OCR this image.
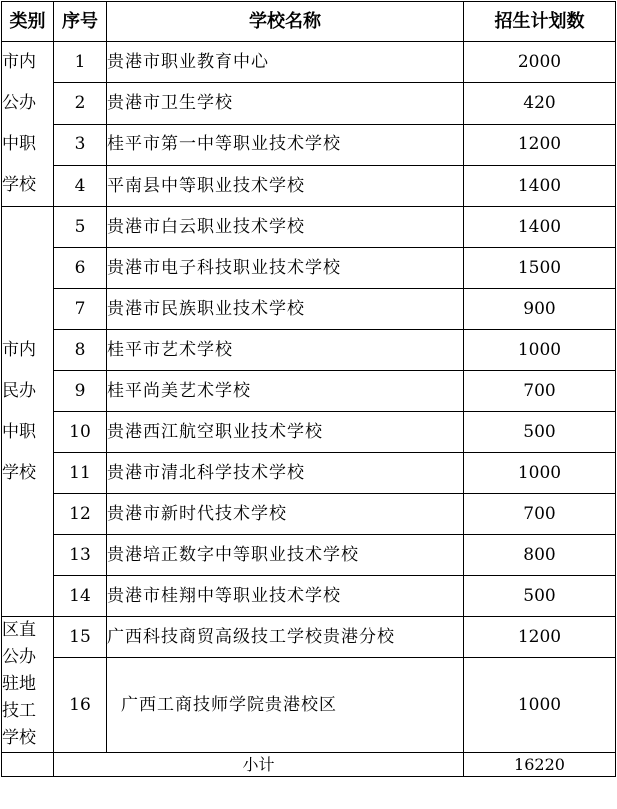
类别	序号	学校名称	招生计划数

市内
公办
中职
学校	1	贵港市职业教育中心	2000
	2	贵港市卫生学校	420
	3	桂平市第一中等职业技术学校	1200
	4	平南县中等职业技术学校	1400

市内
民办
中职
学校	5	贵港市白云职业技术学校	1400
	6	贵港市电子科技职业技术学校	1500
	7	贵港市民族职业技术学校	900
	8	桂平市艺术学校	1000
	9	桂平尚美艺术学校	700
	10	贵港西江航空职业技术学校	500
	11	贵港市清北科学技术学校	1000
	12	贵港市新时代技术学校	700
	13	贵港培正数字中等职业技术学校	800
	14	贵港市桂翔中等职业技术学校	500

区直
公办
驻地
技工
学校	15	广西科技商贸高级技工学校贵港分校	1200
	16	广西工商技师学院贵港校区	1000
	小计		16220
